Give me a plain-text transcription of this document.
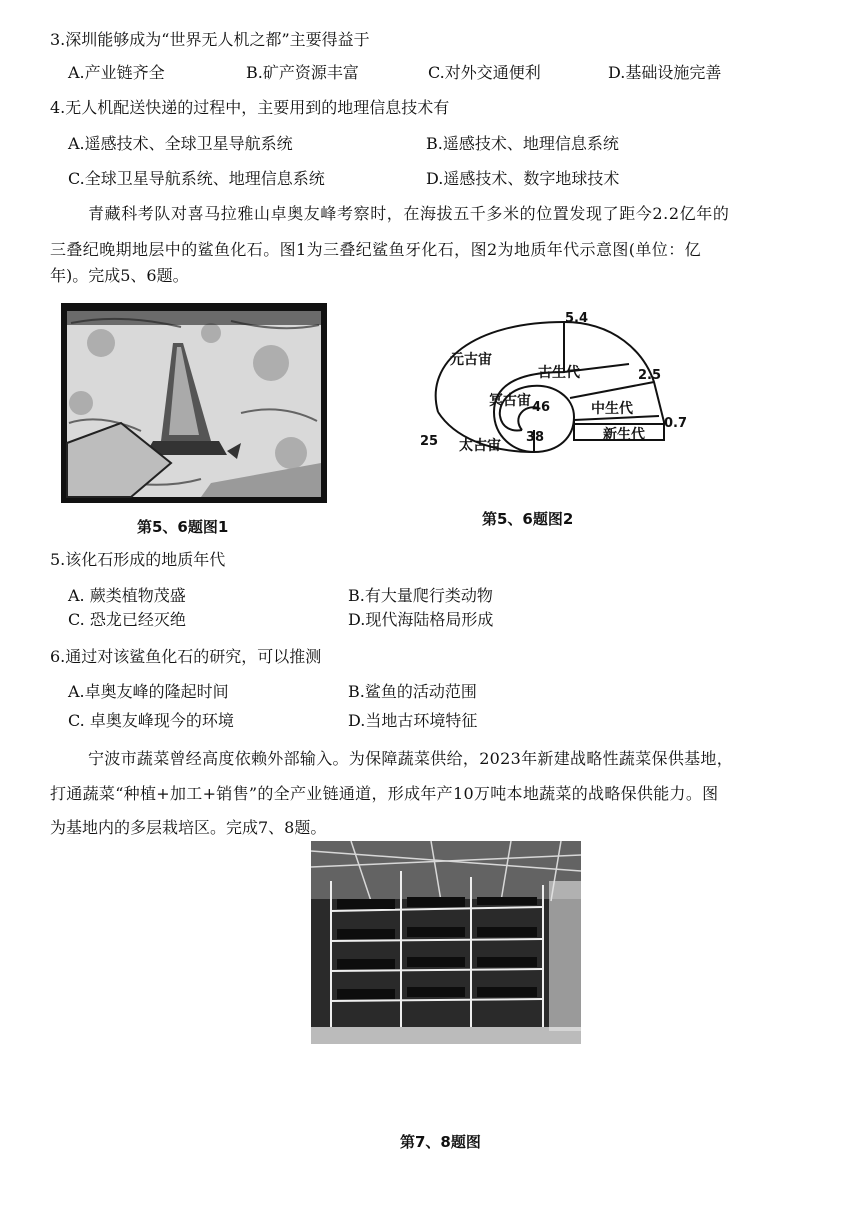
3.深圳能够成为“世界无人机之都”主要得益于
A.产业链齐全	B.矿产资源丰富	C.对外交通便利	D.基础设施完善
4.无人机配送快递的过程中，主要用到的地理信息技术有
A.遥感技术、全球卫星导航系统	B.遥感技术、地理信息系统
C.全球卫星导航系统、地理信息系统	D.遥感技术、数字地球技术
青藏科考队对喜马拉雅山卓奥友峰考察时，在海拔五千多米的位置发现了距今2.2亿年的
三叠纪晚期地层中的鲨鱼化石。图1为三叠纪鲨鱼牙化石，图2为地质年代示意图(单位：亿
年)。完成5、6题。
第5、6题图1
元古宙
古生代
冥古宙	中生代
太古宙
新生代
5.4
2.5
0.7
46
38
25
第5、6题图2
5.该化石形成的地质年代
A. 蕨类植物茂盛	B.有大量爬行类动物
C. 恐龙已经灭绝	D.现代海陆格局形成
6.通过对该鲨鱼化石的研究，可以推测
A.卓奥友峰的隆起时间	B.鲨鱼的活动范围
C. 卓奥友峰现今的环境	D.当地古环境特征
宁波市蔬菜曾经高度依赖外部输入。为保障蔬菜供给，2023年新建战略性蔬菜保供基地，
打通蔬菜“种植+加工+销售”的全产业链通道，形成年产10万吨本地蔬菜的战略保供能力。图
为基地内的多层栽培区。完成7、8题。
第7、8题图
